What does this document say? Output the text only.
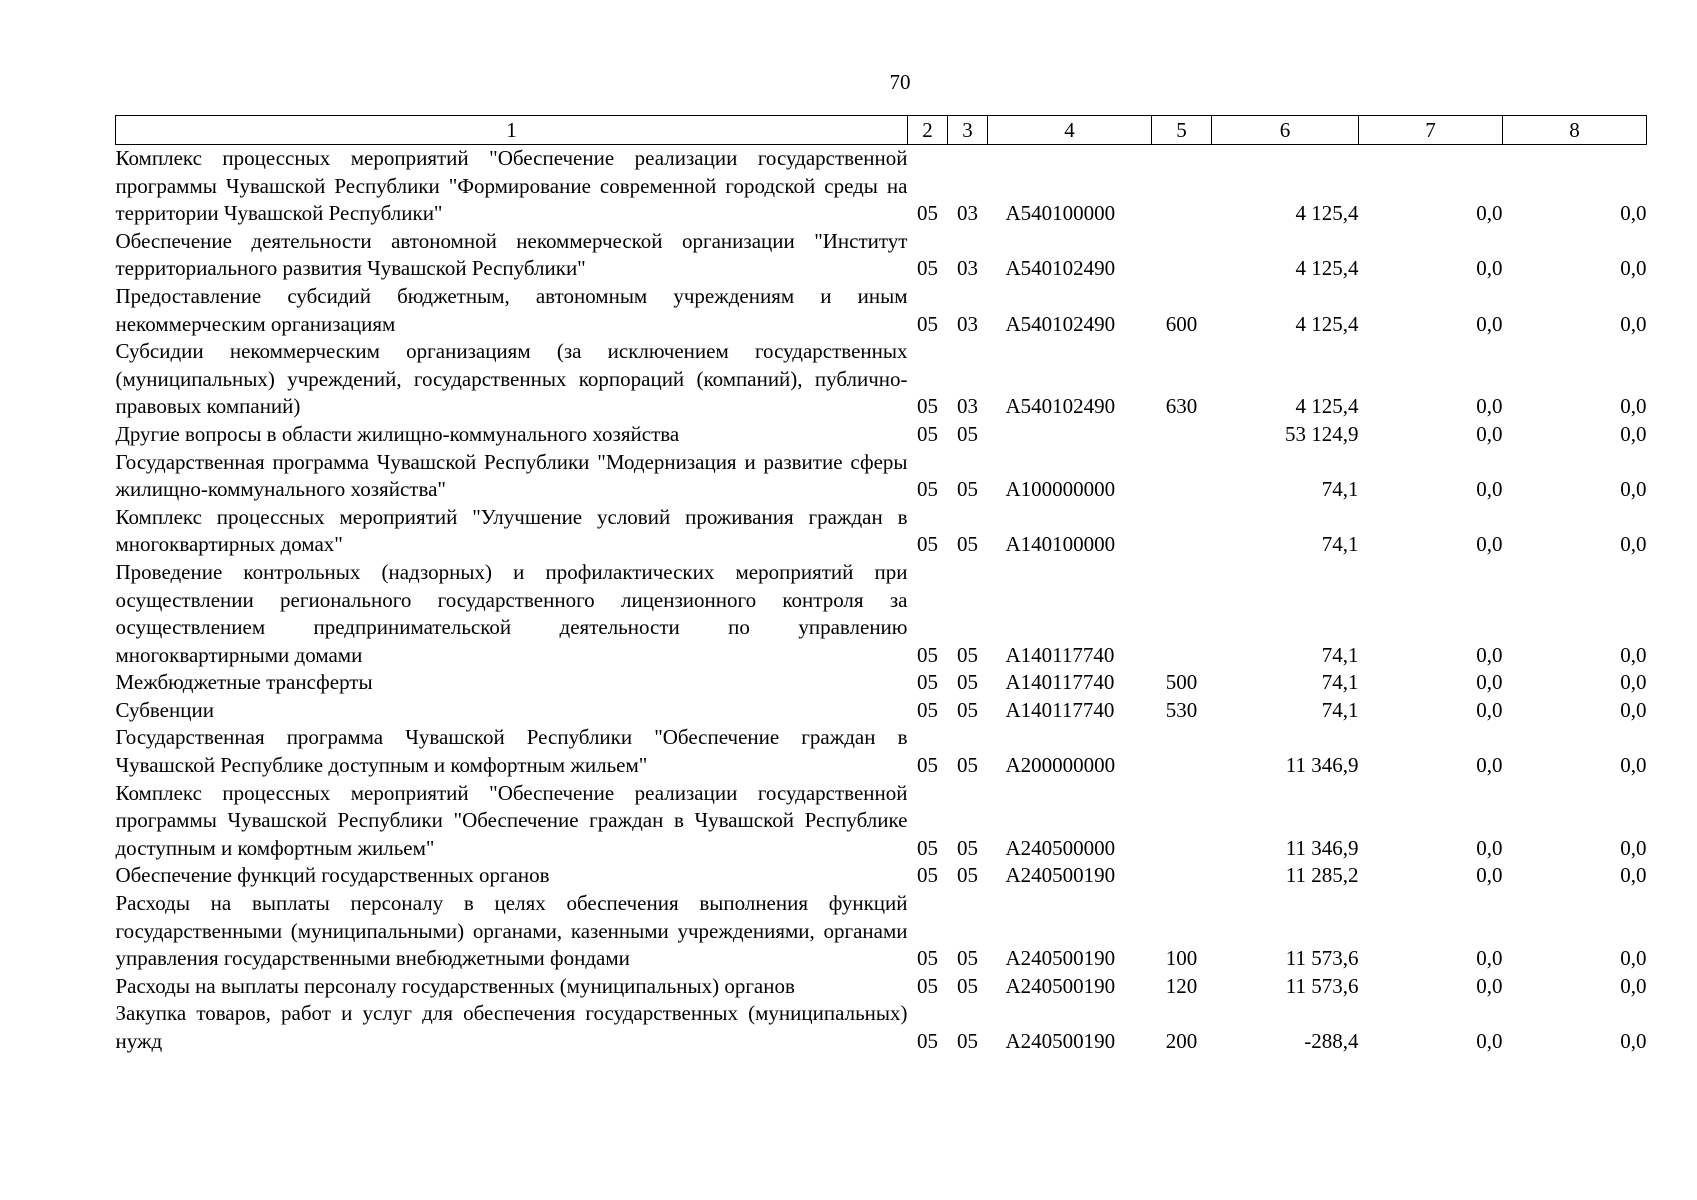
70
1	2	3	4	5	6	7	8
Комплекс процессных мероприятий "Обеспечение реализации государственной программы Чувашской Республики "Формирование современной городской среды на территории Чувашской Республики"	05	03	А540100000		4 125,4	0,0	0,0
Обеспечение деятельности автономной некоммерческой организации "Институт территориального развития Чувашской Республики"	05	03	А540102490		4 125,4	0,0	0,0
Предоставление субсидий бюджетным, автономным учреждениям и иным некоммерческим организациям	05	03	А540102490	600	4 125,4	0,0	0,0
Субсидии некоммерческим организациям (за исключением государственных (муниципальных) учреждений, государственных корпораций (компаний), публично-правовых компаний)	05	03	А540102490	630	4 125,4	0,0	0,0
Другие вопросы в области жилищно-коммунального хозяйства	05	05			53 124,9	0,0	0,0
Государственная программа Чувашской Республики "Модернизация и развитие сферы жилищно-коммунального хозяйства"	05	05	А100000000		74,1	0,0	0,0
Комплекс процессных мероприятий "Улучшение условий проживания граждан в многоквартирных домах"	05	05	А140100000		74,1	0,0	0,0
Проведение контрольных (надзорных) и профилактических мероприятий при осуществлении регионального государственного лицензионного контроля за осуществлением предпринимательской деятельности по управлению многоквартирными домами	05	05	А140117740		74,1	0,0	0,0
Межбюджетные трансферты	05	05	А140117740	500	74,1	0,0	0,0
Субвенции	05	05	А140117740	530	74,1	0,0	0,0
Государственная программа Чувашской Республики "Обеспечение граждан в Чувашской Республике доступным и комфортным жильем"	05	05	А200000000		11 346,9	0,0	0,0
Комплекс процессных мероприятий "Обеспечение реализации государственной программы Чувашской Республики "Обеспечение граждан в Чувашской Республике доступным и комфортным жильем"	05	05	А240500000		11 346,9	0,0	0,0
Обеспечение функций государственных органов	05	05	А240500190		11 285,2	0,0	0,0
Расходы на выплаты персоналу в целях обеспечения выполнения функций государственными (муниципальными) органами, казенными учреждениями, органами управления государственными внебюджетными фондами	05	05	А240500190	100	11 573,6	0,0	0,0
Расходы на выплаты персоналу государственных (муниципальных) органов	05	05	А240500190	120	11 573,6	0,0	0,0
Закупка товаров, работ и услуг для обеспечения государственных (муниципальных) нужд	05	05	А240500190	200	-288,4	0,0	0,0
